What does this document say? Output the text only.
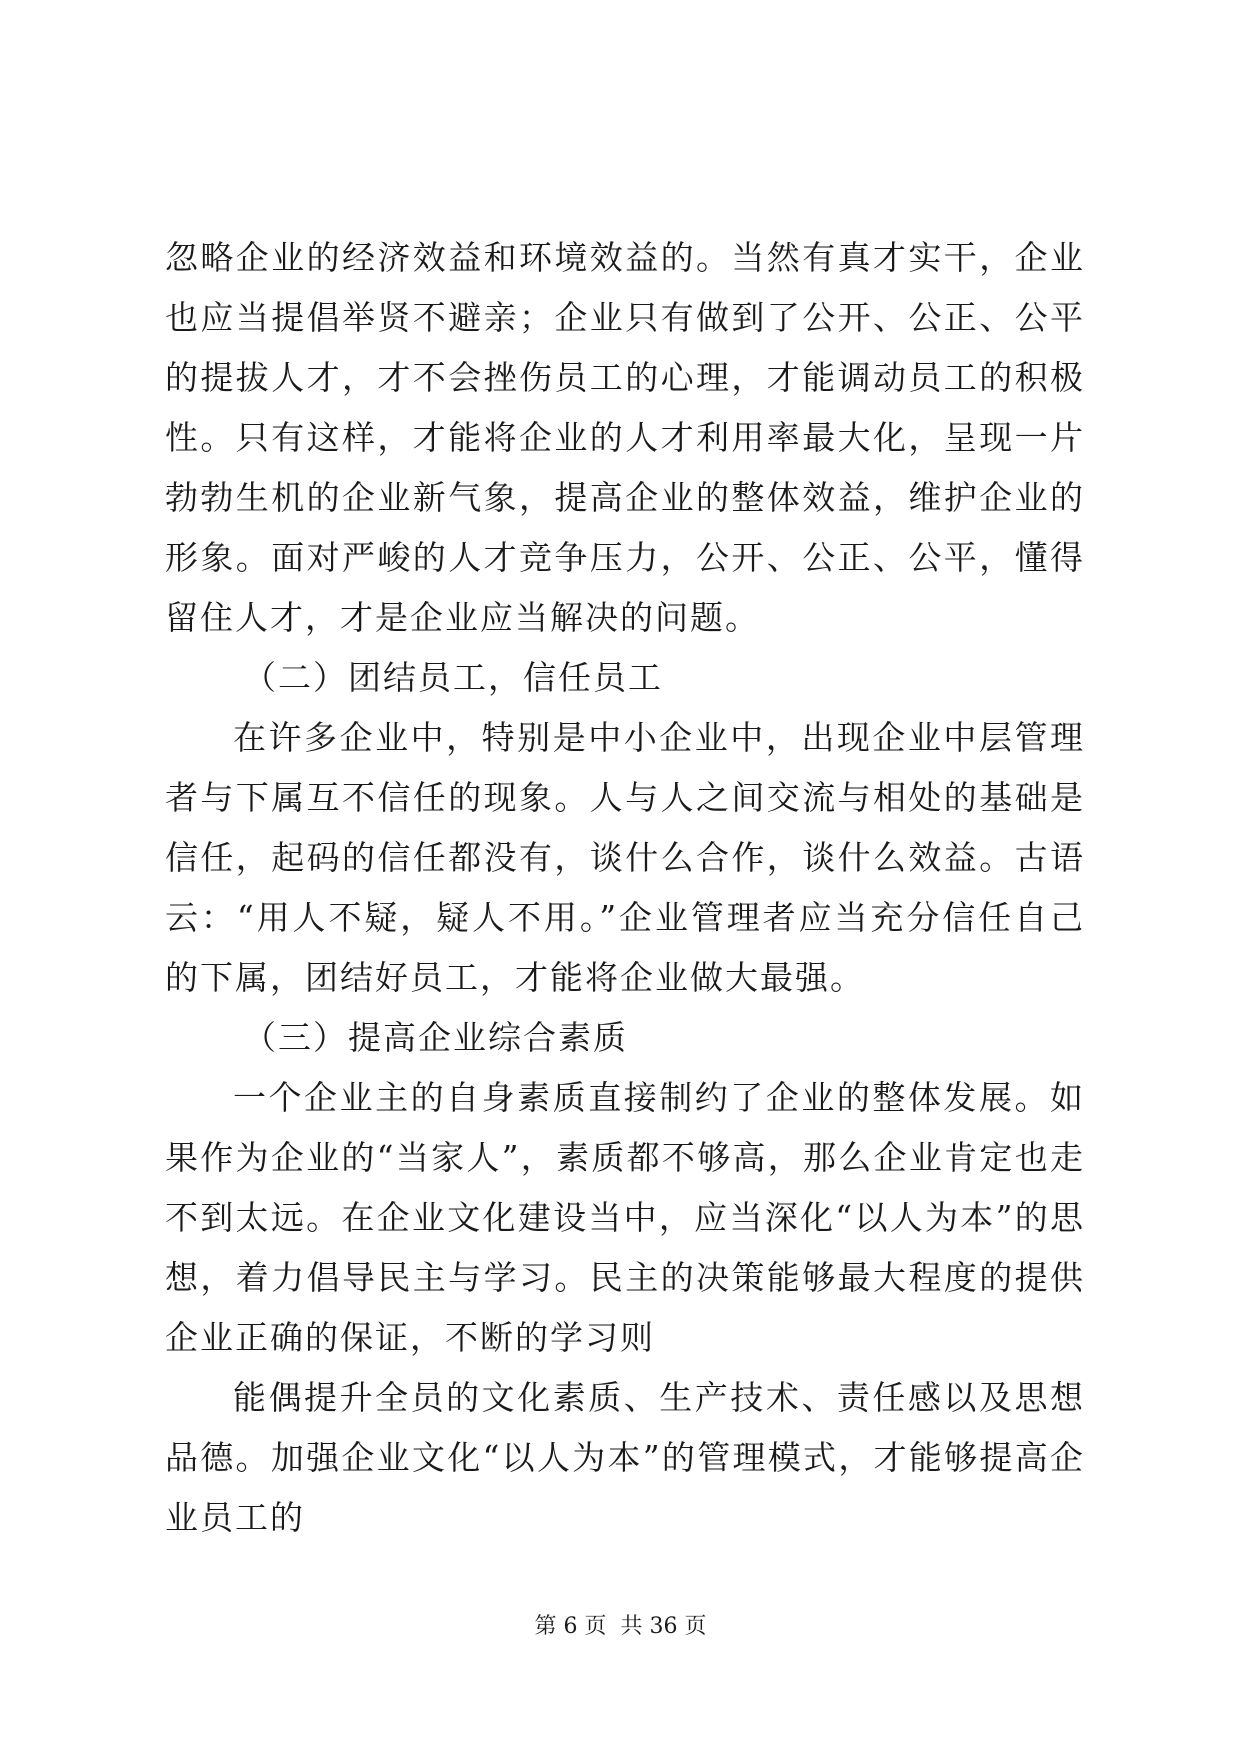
忽略企业的经济效益和环境效益的。当然有真才实干，企业也应当提倡举贤不避亲；企业只有做到了公开、公正、公平的提拔人才，才不会挫伤员工的心理，才能调动员工的积极性。只有这样，才能将企业的人才利用率最大化，呈现一片勃勃生机的企业新气象，提高企业的整体效益，维护企业的形象。面对严峻的人才竞争压力，公开、公正、公平，懂得留住人才，才是企业应当解决的问题。

（二）团结员工，信任员工

在许多企业中，特别是中小企业中，出现企业中层管理者与下属互不信任的现象。人与人之间交流与相处的基础是信任，起码的信任都没有，谈什么合作，谈什么效益。古语云：“用人不疑，疑人不用。”企业管理者应当充分信任自己的下属，团结好员工，才能将企业做大最强。

（三）提高企业综合素质

一个企业主的自身素质直接制约了企业的整体发展。如果作为企业的“当家人”，素质都不够高，那么企业肯定也走不到太远。在企业文化建设当中，应当深化“以人为本”的思想，着力倡导民主与学习。民主的决策能够最大程度的提供企业正确的保证，不断的学习则

能偶提升全员的文化素质、生产技术、责任感以及思想品德。加强企业文化“以人为本”的管理模式，才能够提高企业员工的

第 6 页 共 36 页
